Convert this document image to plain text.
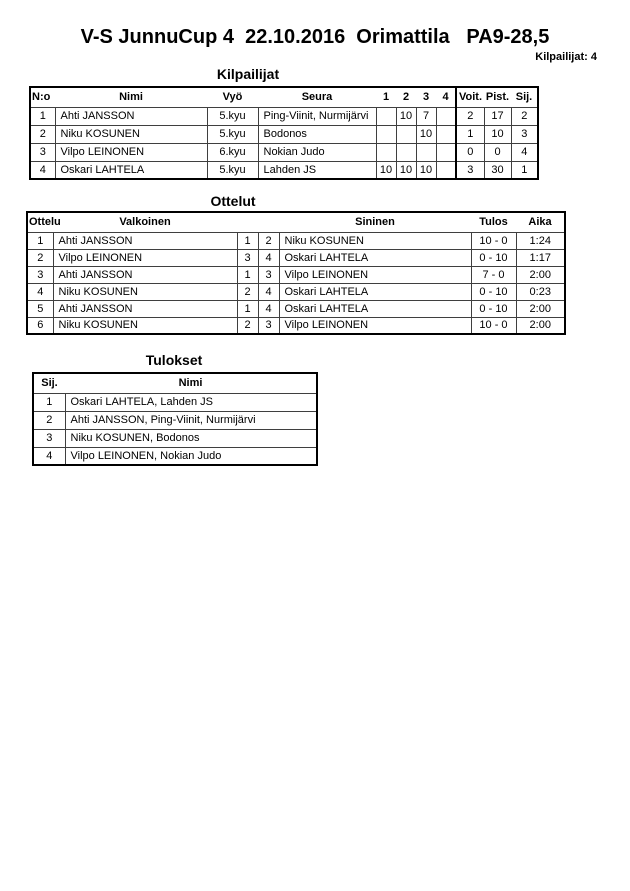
V-S JunnuCup 4  22.10.2016  Orimattila   PA9-28,5
Kilpailijat: 4
Kilpailijat
N:o	Nimi	Vyö	Seura	1	2	3	4	Voit.	Pist.	Sij.
1	Ahti JANSSON	5.kyu	Ping-Viinit, Nurmijärvi		10	7		2	17	2
2	Niku KOSUNEN	5.kyu	Bodonos			10		1	10	3
3	Vilpo LEINONEN	6.kyu	Nokian Judo					0	0	4
4	Oskari LAHTELA	5.kyu	Lahden JS	10	10	10		3	30	1
Ottelut
Ottelu	Valkoinen			Sininen	Tulos	Aika
1	Ahti JANSSON	1	2	Niku KOSUNEN	10 - 0	1:24
2	Vilpo LEINONEN	3	4	Oskari LAHTELA	0 - 10	1:17
3	Ahti JANSSON	1	3	Vilpo LEINONEN	7 - 0	2:00
4	Niku KOSUNEN	2	4	Oskari LAHTELA	0 - 10	0:23
5	Ahti JANSSON	1	4	Oskari LAHTELA	0 - 10	2:00
6	Niku KOSUNEN	2	3	Vilpo LEINONEN	10 - 0	2:00
Tulokset
Sij.	Nimi
1	Oskari LAHTELA, Lahden JS
2	Ahti JANSSON, Ping-Viinit, Nurmijärvi
3	Niku KOSUNEN, Bodonos
4	Vilpo LEINONEN, Nokian Judo
